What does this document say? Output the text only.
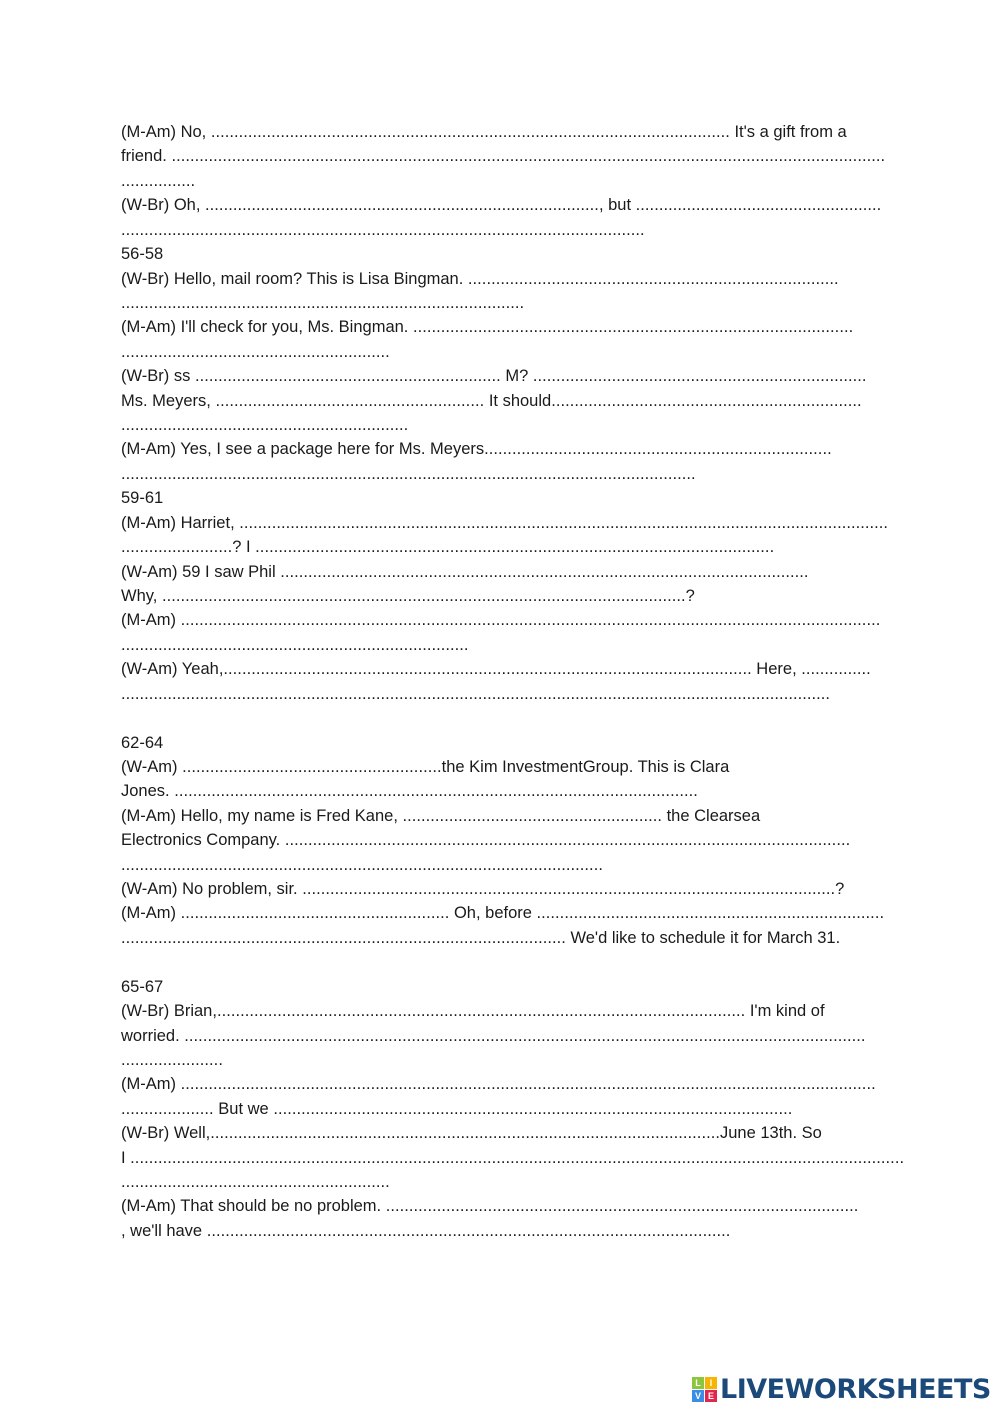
(M-Am) No, ................................................................................................................ It's a gift from a
friend. ..........................................................................................................................................................
................
(W-Br) Oh, ....................................................................................., but .....................................................
.................................................................................................................
56-58
(W-Br) Hello, mail room? This is Lisa Bingman. ................................................................................
.......................................................................................
(M-Am) I'll check for you, Ms. Bingman. ...............................................................................................
..........................................................
(W-Br) ss .................................................................. M? ........................................................................
Ms. Meyers, .......................................................... It should...................................................................
..............................................................
(M-Am) Yes, I see a package here for Ms. Meyers...........................................................................
............................................................................................................................
59-61
(M-Am) Harriet, ............................................................................................................................................
........................? I ................................................................................................................
(W-Am) 59 I saw Phil ..................................................................................................................
Why, .................................................................................................................?
(M-Am) .......................................................................................................................................................
...........................................................................
(W-Am) Yeah,.................................................................................................................. Here, ...............
.........................................................................................................................................................
62-64
(W-Am) ........................................................the Kim InvestmentGroup. This is Clara
Jones. .................................................................................................................
(M-Am) Hello, my name is Fred Kane, ........................................................ the Clearsea
Electronics Company. ..........................................................................................................................
........................................................................................................
(W-Am) No problem, sir. ...................................................................................................................?
(M-Am) .......................................................... Oh, before ...........................................................................
................................................................................................ We'd like to schedule it for March 31.
65-67
(W-Br) Brian,.................................................................................................................. I'm kind of
worried. ...................................................................................................................................................
......................
(M-Am) ......................................................................................................................................................
.................... But we ................................................................................................................
(W-Br) Well,..............................................................................................................June 13th. So
I .......................................................................................................................................................................
..........................................................
(M-Am) That should be no problem. ......................................................................................................
, we'll have .................................................................................................................
L I
V E LIVEWORKSHEETS
